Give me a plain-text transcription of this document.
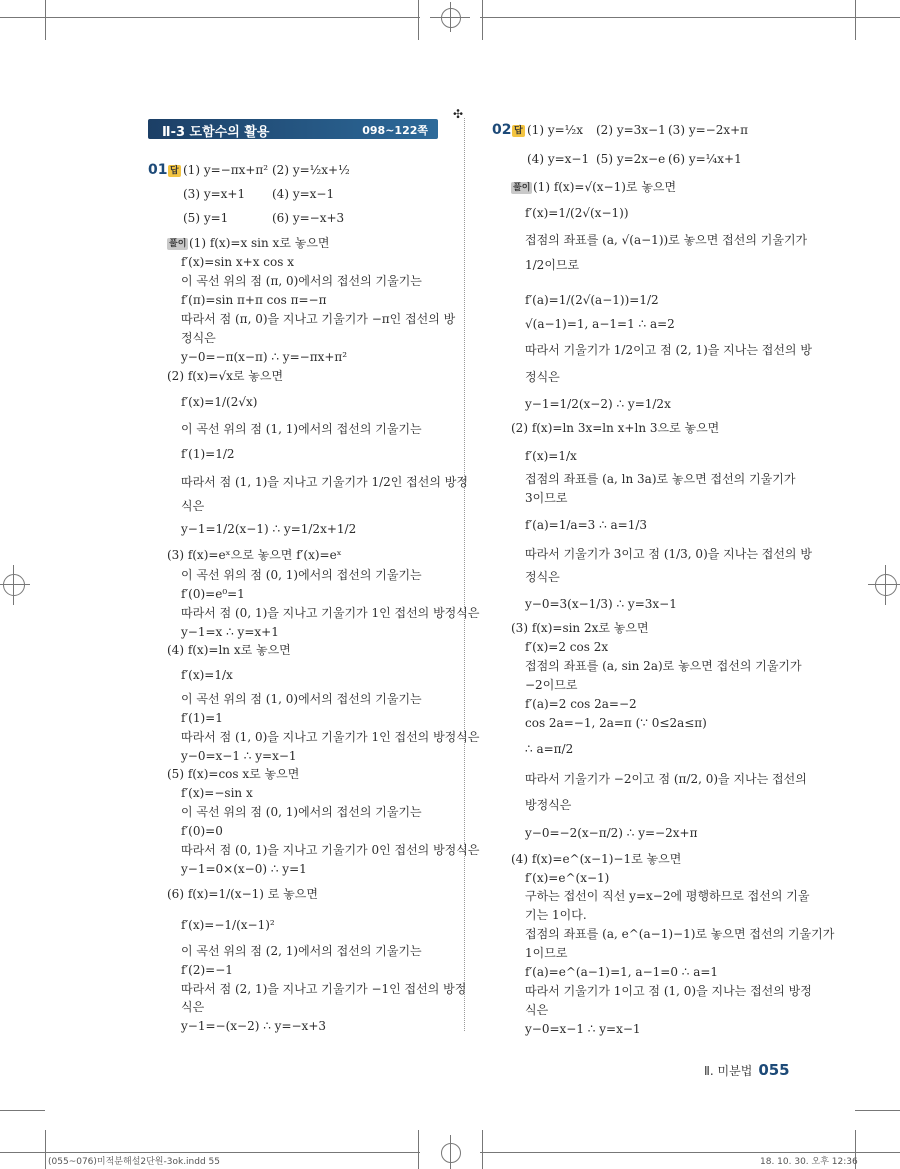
Ⅱ-3 도함수의 활용	098~122쪽
✣
01 답 (1) y=−πx+π² (2) y=½x+½
(3) y=x+1 (4) y=x−1
(5) y=1	(6) y=−x+3
풀이 (1) f(x)=x sin x로 놓으면
f′(x)=sin x+x cos x
이 곡선 위의 점 (π, 0)에서의 접선의 기울기는
f′(π)=sin π+π cos π=−π
따라서 점 (π, 0)을 지나고 기울기가 −π인 접선의 방
정식은
y−0=−π(x−π) ∴ y=−πx+π²
(2) f(x)=√x로 놓으면
f′(x)=1/(2√x)
이 곡선 위의 점 (1, 1)에서의 접선의 기울기는
f′(1)=1/2
따라서 점 (1, 1)을 지나고 기울기가 1/2인 접선의 방정
식은
y−1=1/2(x−1) ∴ y=1/2x+1/2
(3) f(x)=eˣ으로 놓으면 f′(x)=eˣ
이 곡선 위의 점 (0, 1)에서의 접선의 기울기는
f′(0)=e⁰=1
따라서 점 (0, 1)을 지나고 기울기가 1인 접선의 방정식은
y−1=x ∴ y=x+1
(4) f(x)=ln x로 놓으면
f′(x)=1/x
이 곡선 위의 점 (1, 0)에서의 접선의 기울기는
f′(1)=1
따라서 점 (1, 0)을 지나고 기울기가 1인 접선의 방정식은
y−0=x−1 ∴ y=x−1
(5) f(x)=cos x로 놓으면
f′(x)=−sin x
이 곡선 위의 점 (0, 1)에서의 접선의 기울기는
f′(0)=0
따라서 점 (0, 1)을 지나고 기울기가 0인 접선의 방정식은
y−1=0×(x−0) ∴ y=1
(6) f(x)=1/(x−1) 로 놓으면
f′(x)=−1/(x−1)²
이 곡선 위의 점 (2, 1)에서의 접선의 기울기는
f′(2)=−1
따라서 점 (2, 1)을 지나고 기울기가 −1인 접선의 방정
식은
y−1=−(x−2) ∴ y=−x+3
02 답 (1) y=½x (2) y=3x−1 (3) y=−2x+π
(4) y=x−1 (5) y=2x−e (6) y=¼x+1
풀이 (1) f(x)=√(x−1)로 놓으면
f′(x)=1/(2√(x−1))
접점의 좌표를 (a, √(a−1))로 놓으면 접선의 기울기가
1/2이므로
f′(a)=1/(2√(a−1))=1/2
√(a−1)=1, a−1=1 ∴ a=2
따라서 기울기가 1/2이고 점 (2, 1)을 지나는 접선의 방
정식은
y−1=1/2(x−2) ∴ y=1/2x
(2) f(x)=ln 3x=ln x+ln 3으로 놓으면
f′(x)=1/x
접점의 좌표를 (a, ln 3a)로 놓으면 접선의 기울기가
3이므로
f′(a)=1/a=3 ∴ a=1/3
따라서 기울기가 3이고 점 (1/3, 0)을 지나는 접선의 방
정식은
y−0=3(x−1/3) ∴ y=3x−1
(3) f(x)=sin 2x로 놓으면
f′(x)=2 cos 2x
접점의 좌표를 (a, sin 2a)로 놓으면 접선의 기울기가
−2이므로
f′(a)=2 cos 2a=−2
cos 2a=−1, 2a=π (∵ 0≤2a≤π)
∴ a=π/2
따라서 기울기가 −2이고 점 (π/2, 0)을 지나는 접선의
방정식은
y−0=−2(x−π/2) ∴ y=−2x+π
(4) f(x)=e^(x−1)−1로 놓으면
f′(x)=e^(x−1)
구하는 접선이 직선 y=x−2에 평행하므로 접선의 기울
기는 1이다.
접점의 좌표를 (a, e^(a−1)−1)로 놓으면 접선의 기울기가
1이므로
f′(a)=e^(a−1)=1, a−1=0 ∴ a=1
따라서 기울기가 1이고 점 (1, 0)을 지나는 접선의 방정
식은
y−0=x−1 ∴ y=x−1
Ⅱ. 미분법 055
(055~076)미적분해설2단원-3ok.indd 55	18. 10. 30. 오후 12:36
